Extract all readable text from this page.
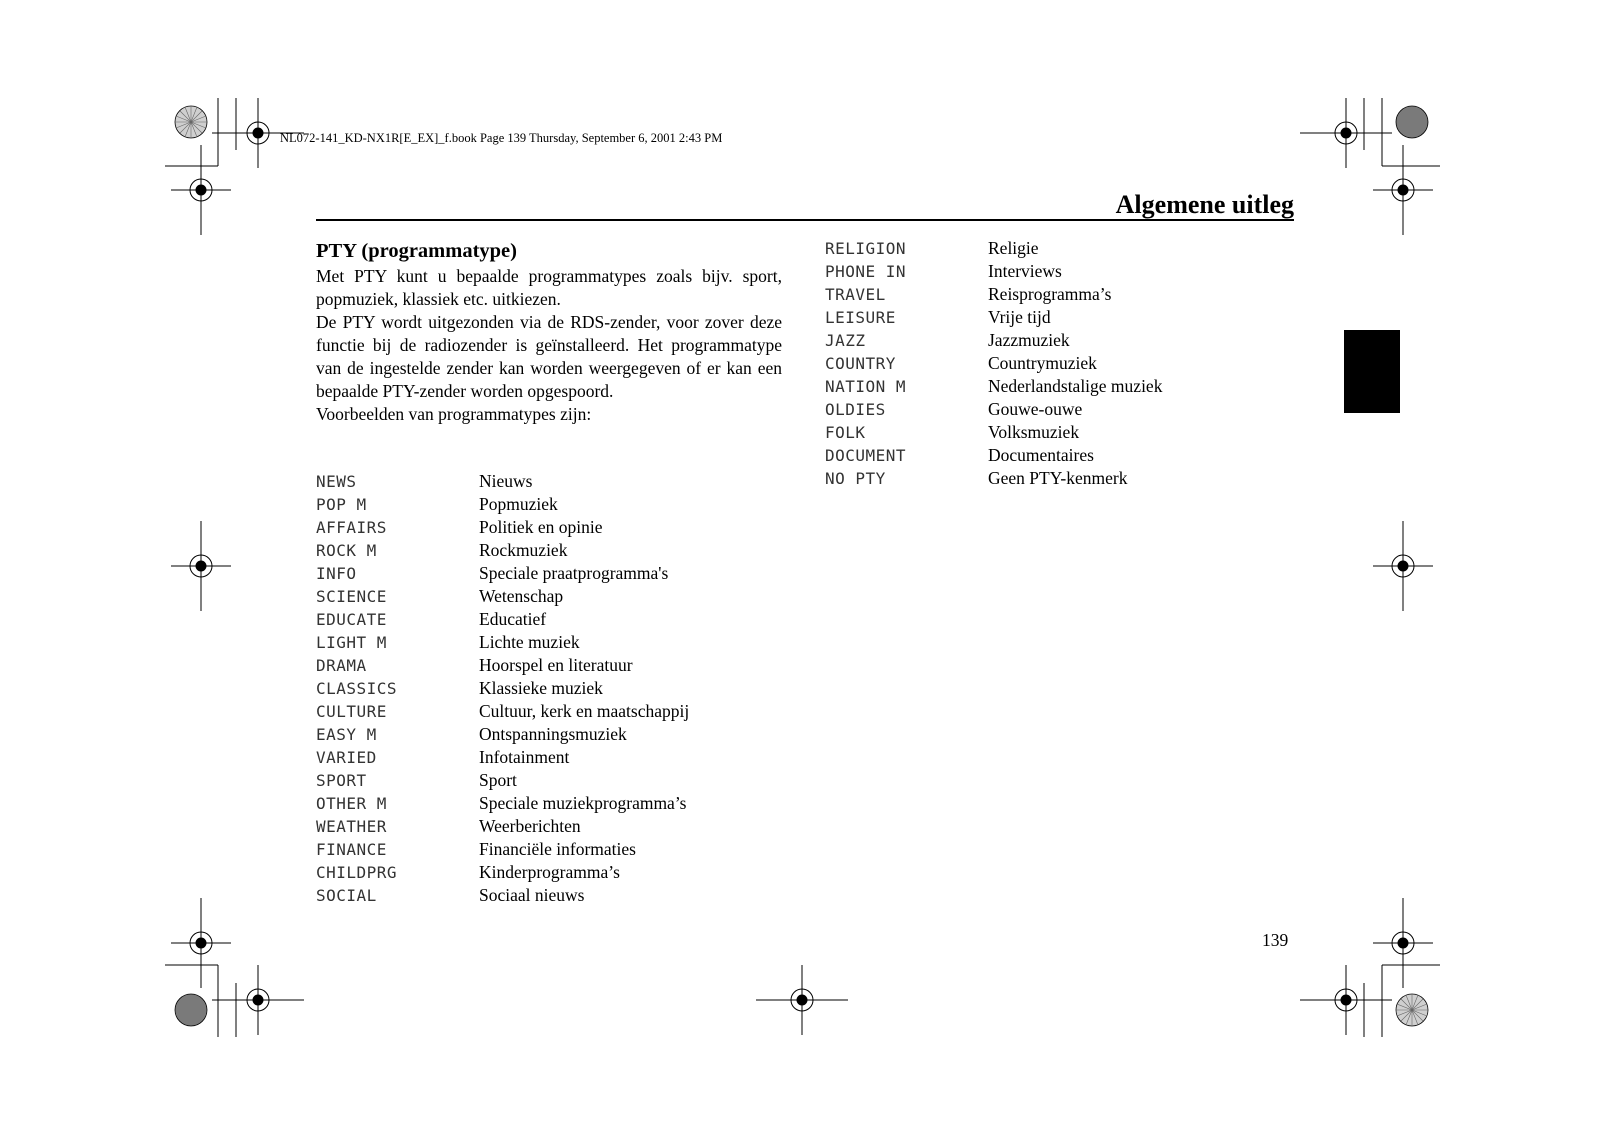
NL072-141_KD-NX1R[E_EX]_f.book Page 139 Thursday, September 6, 2001 2:43 PM
Algemene uitleg
PTY (programmatype)

Met PTY kunt u bepaalde programmatypes zoals bijv. sport, popmuziek, klassiek etc. uitkiezen.

De PTY wordt uitgezonden via de RDS-zender, voor zover deze functie bij de radiozender is geïnstalleerd. Het programmatype van de ingestelde zender kan worden weergegeven of er kan een bepaalde PTY-zender worden opgespoord.

Voorbeelden van programmatypes zijn:

NEWS	Nieuws
POP M	Popmuziek
AFFAIRS	Politiek en opinie
ROCK M	Rockmuziek
INFO	Speciale praatprogramma's
SCIENCE	Wetenschap
EDUCATE	Educatief
LIGHT M	Lichte muziek
DRAMA	Hoorspel en literatuur
CLASSICS	Klassieke muziek
CULTURE	Cultuur, kerk en maatschappij
EASY M	Ontspanningsmuziek
VARIED	Infotainment
SPORT	Sport
OTHER M	Speciale muziekprogramma’s
WEATHER	Weerberichten
FINANCE	Financiële informaties
CHILDPRG	Kinderprogramma’s
SOCIAL	Sociaal nieuws
RELIGION	Religie
PHONE IN	Interviews
TRAVEL	Reisprogramma’s
LEISURE	Vrije tijd
JAZZ	Jazzmuziek
COUNTRY	Countrymuziek
NATION M	Nederlandstalige muziek
OLDIES	Gouwe-ouwe
FOLK	Volksmuziek
DOCUMENT	Documentaires
NO PTY	Geen PTY-kenmerk
139
